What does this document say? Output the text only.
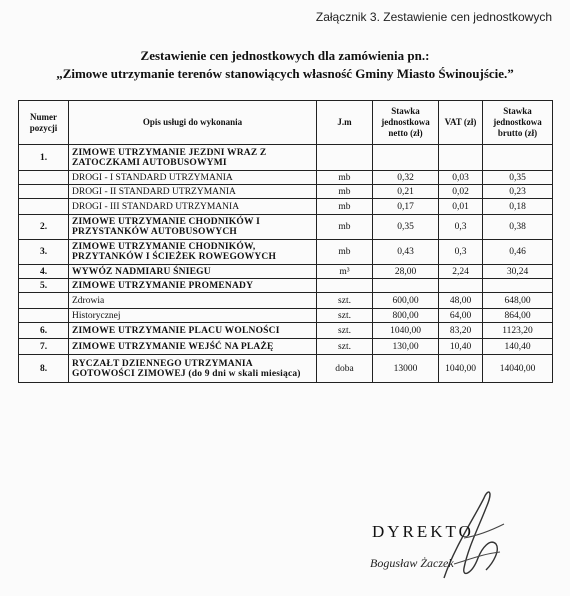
Załącznik 3. Zestawienie cen jednostkowych
Zestawienie cen jednostkowych dla zamówienia pn.:
„Zimowe utrzymanie terenów stanowiących własność Gminy Miasto Świnoujście.”
Numer pozycji	Opis usługi do wykonania	J.m	Stawka jednostkowa netto (zł)	VAT (zł)	Stawka jednostkowa brutto (zł)
1.	ZIMOWE UTRZYMANIE JEZDNI WRAZ Z
ZATOCZKAMI AUTOBUSOWYMI				

	DROGI - I STANDARD UTRZYMANIA	mb	0,32	0,03	0,35

	DROGI - II STANDARD UTRZYMANIA	mb	0,21	0,02	0,23

	DROGI - III STANDARD UTRZYMANIA	mb	0,17	0,01	0,18
2.	ZIMOWE UTRZYMANIE CHODNIKÓW I
PRZYSTANKÓW AUTOBUSOWYCH	mb	0,35	0,3	0,38
3.	ZIMOWE UTRZYMANIE CHODNIKÓW,
PRZYTANKÓW I ŚCIEŻEK ROWEGOWYCH	mb	0,43	0,3	0,46
4.	WYWÓZ NADMIARU ŚNIEGU	m³	28,00	2,24	30,24
5.	ZIMOWE UTRZYMANIE PROMENADY				

	Zdrowia	szt.	600,00	48,00	648,00

	Historycznej	szt.	800,00	64,00	864,00
6.	ZIMOWE UTRZYMANIE PLACU WOLNOŚCI	szt.	1040,00	83,20	1123,20
7.	ZIMOWE UTRZYMANIE WEJŚĆ NA PLAŻĘ	szt.	130,00	10,40	140,40
8.	RYCZAŁT DZIENNEGO UTRZYMANIA
GOTOWOŚCI ZIMOWEJ (do 9 dni w skali miesiąca)	doba	13000	1040,00	14040,00
DYREKTO
Bogusław Żaczek
